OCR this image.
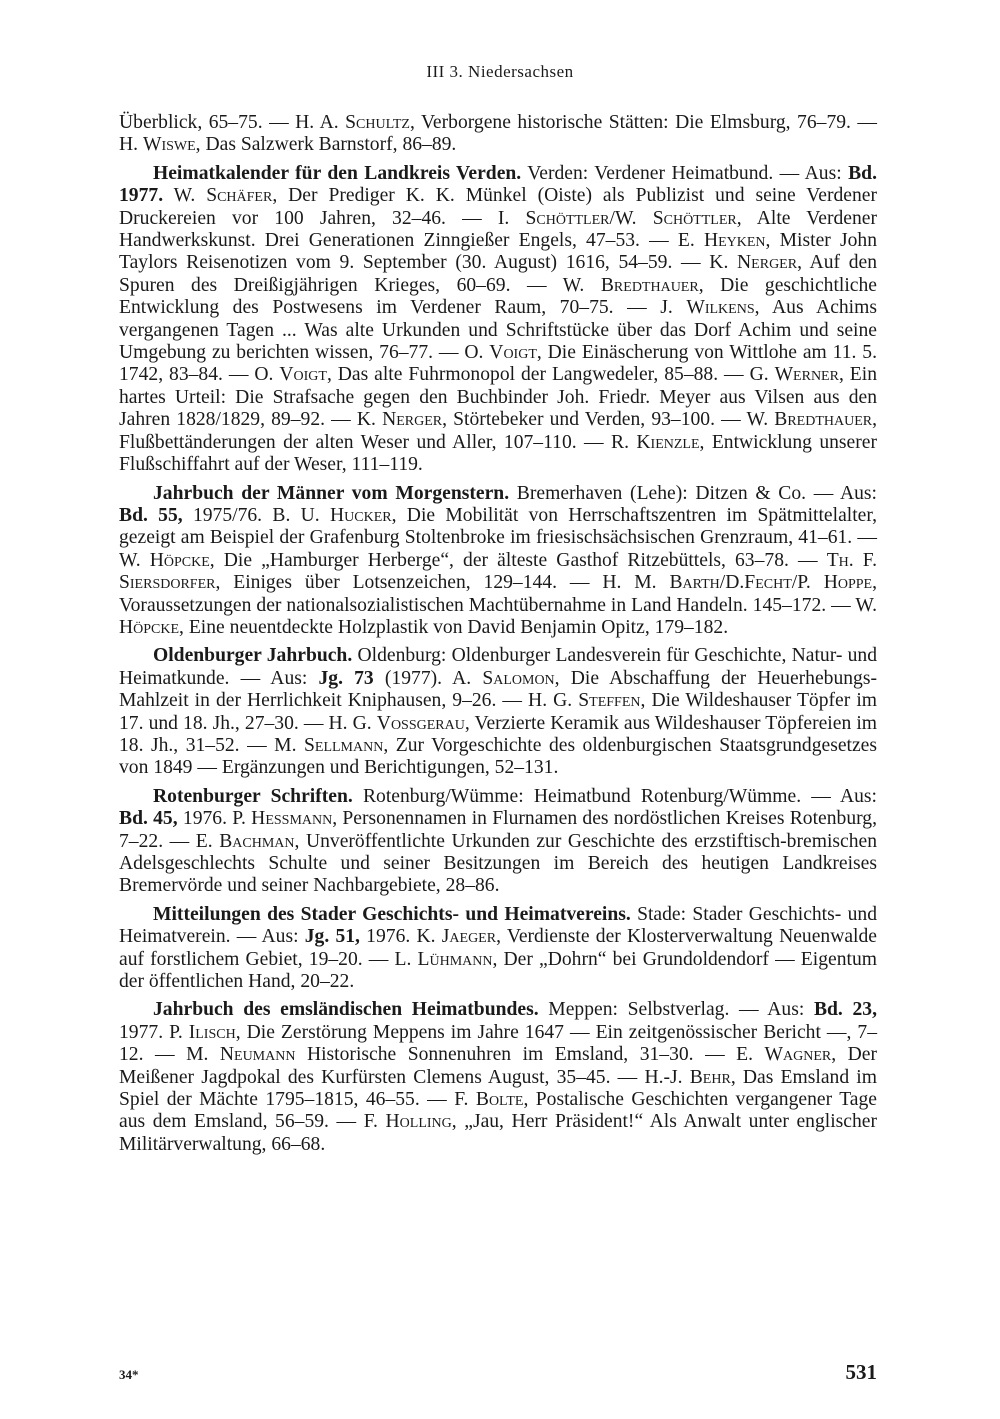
III 3. Niedersachsen

Überblick, 65–75. — H. A. Schultz, Verborgene historische Stätten: Die Elmsburg, 76–79. — H. Wiswe, Das Salzwerk Barnstorf, 86–89.

Heimatkalender für den Landkreis Verden. Verden: Verdener Heimatbund. — Aus: Bd. 1977. W. Schäfer, Der Prediger K. K. Münkel (Oiste) als Publizist und seine Verdener Druckereien vor 100 Jahren, 32–46. — I. Schöttler/W. Schöttler, Alte Verdener Handwerkskunst. Drei Generationen Zinngießer Engels, 47–53. — E. Heyken, Mister John Taylors Reisenotizen vom 9. September (30. August) 1616, 54–59. — K. Nerger, Auf den Spuren des Dreißigjährigen Krieges, 60–69. — W. Bredthauer, Die geschichtliche Entwicklung des Postwesens im Verdener Raum, 70–75. — J. Wilkens, Aus Achims vergangenen Tagen ... Was alte Urkunden und Schriftstücke über das Dorf Achim und seine Umgebung zu berichten wissen, 76–77. — O. Voigt, Die Einäscherung von Wittlohe am 11. 5. 1742, 83–84. — O. Voigt, Das alte Fuhrmonopol der Langwedeler, 85–88. — G. Werner, Ein hartes Urteil: Die Strafsache gegen den Buchbinder Joh. Friedr. Meyer aus Vilsen aus den Jahren 1828/1829, 89–92. — K. Nerger, Störtebeker und Verden, 93–100. — W. Bredthauer, Flußbettänderungen der alten Weser und Aller, 107–110. — R. Kienzle, Entwicklung unserer Flußschiffahrt auf der Weser, 111–119.

Jahrbuch der Männer vom Morgenstern. Bremerhaven (Lehe): Ditzen & Co. — Aus: Bd. 55, 1975/76. B. U. Hucker, Die Mobilität von Herrschaftszentren im Spätmittelalter, gezeigt am Beispiel der Grafenburg Stoltenbroke im friesischsächsischen Grenzraum, 41–61. — W. Höpcke, Die „Hamburger Herberge“, der älteste Gasthof Ritzebüttels, 63–78. — Th. F. Siersdorfer, Einiges über Lotsenzeichen, 129–144. — H. M. Barth/D.Fecht/P. Hoppe, Voraussetzungen der nationalsozialistischen Machtübernahme in Land Handeln. 145–172. — W. Höpcke, Eine neuentdeckte Holzplastik von David Benjamin Opitz, 179–182.

Oldenburger Jahrbuch. Oldenburg: Oldenburger Landesverein für Geschichte, Natur- und Heimatkunde. — Aus: Jg. 73 (1977). A. Salomon, Die Abschaffung der Heuerhebungs-Mahlzeit in der Herrlichkeit Kniphausen, 9–26. — H. G. Steffen, Die Wildeshauser Töpfer im 17. und 18. Jh., 27–30. — H. G. Vossgerau, Verzierte Keramik aus Wildeshauser Töpfereien im 18. Jh., 31–52. — M. Sellmann, Zur Vorgeschichte des oldenburgischen Staatsgrundgesetzes von 1849 — Ergänzungen und Berichtigungen, 52–131.

Rotenburger Schriften. Rotenburg/Wümme: Heimatbund Rotenburg/Wümme. — Aus: Bd. 45, 1976. P. Hessmann, Personennamen in Flurnamen des nordöstlichen Kreises Rotenburg, 7–22. — E. Bachman, Unveröffentlichte Urkunden zur Geschichte des erzstiftisch-bremischen Adelsgeschlechts Schulte und seiner Besitzungen im Bereich des heutigen Landkreises Bremervörde und seiner Nachbargebiete, 28–86.

Mitteilungen des Stader Geschichts- und Heimatvereins. Stade: Stader Geschichts- und Heimatverein. — Aus: Jg. 51, 1976. K. Jaeger, Verdienste der Klosterverwaltung Neuenwalde auf forstlichem Gebiet, 19–20. — L. Lühmann, Der „Dohrn“ bei Grundoldendorf — Eigentum der öffentlichen Hand, 20–22.

Jahrbuch des emsländischen Heimatbundes. Meppen: Selbstverlag. — Aus: Bd. 23, 1977. P. Ilisch, Die Zerstörung Meppens im Jahre 1647 — Ein zeitgenössischer Bericht —, 7–12. — M. Neumann Historische Sonnenuhren im Emsland, 31–30. — E. Wagner, Der Meißener Jagdpokal des Kurfürsten Clemens August, 35–45. — H.-J. Behr, Das Emsland im Spiel der Mächte 1795–1815, 46–55. — F. Bolte, Postalische Geschichten vergangener Tage aus dem Emsland, 56–59. — F. Holling, „Jau, Herr Präsident!“ Als Anwalt unter englischer Militärverwaltung, 66–68.

34*	531
